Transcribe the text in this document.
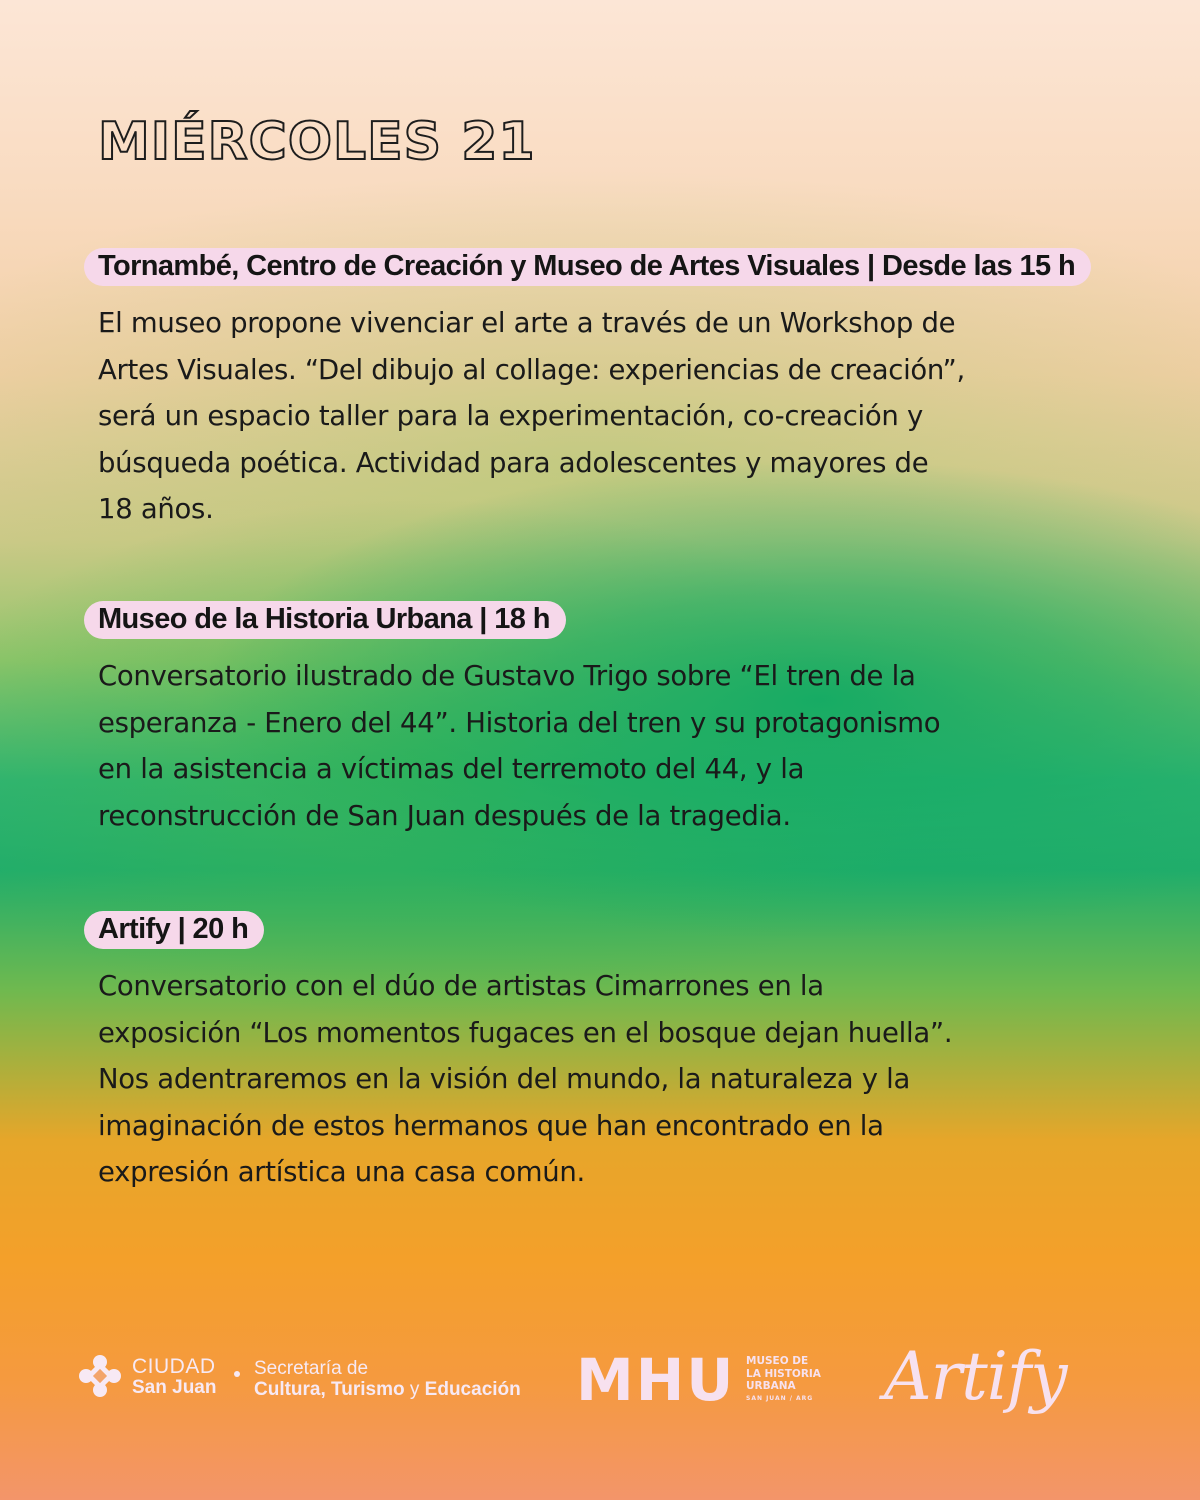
MIÉRCOLES 21
Tornambé, Centro de Creación y Museo de Artes Visuales | Desde las 15 h
El museo propone vivenciar el arte a través de un Workshop de
Artes Visuales. “Del dibujo al collage: experiencias de creación”,
será un espacio taller para la experimentación, co-creación y
búsqueda poética. Actividad para adolescentes y mayores de
18 años.
Museo de la Historia Urbana | 18 h
Conversatorio ilustrado de Gustavo Trigo sobre “El tren de la
esperanza - Enero del 44”. Historia del tren y su protagonismo
en la asistencia a víctimas del terremoto del 44, y la
reconstrucción de San Juan después de la tragedia.
Artify | 20 h
Conversatorio con el dúo de artistas Cimarrones en la
exposición “Los momentos fugaces en el bosque dejan huella”.
Nos adentraremos en la visión del mundo, la naturaleza y la
imaginación de estos hermanos que han encontrado en la
expresión artística una casa común.
CIUDAD
San Juan
Secretaría de
Cultura, Turismo y Educación MHU MUSEO DE
LA HISTORIA
URBANA
SAN JUAN / ARG Artify
